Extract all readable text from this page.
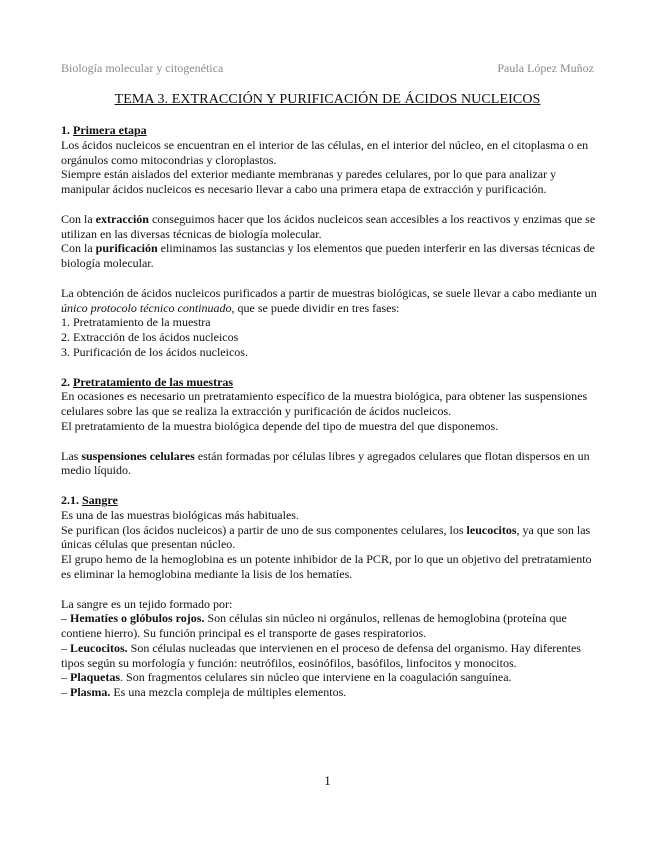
Biología molecular y citogenética	Paula López Muñoz
TEMA 3. EXTRACCIÓN Y PURIFICACIÓN DE ÁCIDOS NUCLEICOS

1. Primera etapa

Los ácidos nucleicos se encuentran en el interior de las células, en el interior del núcleo, en el citoplasma o en orgánulos como mitocondrias y cloroplastos.

Siempre están aislados del exterior mediante membranas y paredes celulares, por lo que para analizar y manipular ácidos nucleicos es necesario llevar a cabo una primera etapa de extracción y purificación.

Con la extracción conseguimos hacer que los ácidos nucleicos sean accesibles a los reactivos y enzimas que se utilizan en las diversas técnicas de biología molecular.

Con la purificación eliminamos las sustancias y los elementos que pueden interferir en las diversas técnicas de biología molecular.

La obtención de ácidos nucleicos purificados a partir de muestras biológicas, se suele llevar a cabo mediante un único protocolo técnico continuado, que se puede dividir en tres fases:

1. Pretratamiento de la muestra

2. Extracción de los ácidos nucleicos

3. Purificación de los ácidos nucleicos.

2. Pretratamiento de las muestras

En ocasiones es necesario un pretratamiento específico de la muestra biológica, para obtener las suspensiones celulares sobre las que se realiza la extracción y purificación de ácidos nucleicos.

El pretratamiento de la muestra biológica depende del tipo de muestra del que disponemos.

Las suspensiones celulares están formadas por células libres y agregados celulares que flotan dispersos en un medio líquido.

2.1. Sangre

Es una de las muestras biológicas más habituales.

Se purifican (los ácidos nucleicos) a partir de uno de sus componentes celulares, los leucocitos, ya que son las únicas células que presentan núcleo.

El grupo hemo de la hemoglobina es un potente inhibidor de la PCR, por lo que un objetivo del pretratamiento es eliminar la hemoglobina mediante la lisis de los hematíes.

La sangre es un tejido formado por:

– Hematíes o glóbulos rojos. Son células sin núcleo ni orgánulos, rellenas de hemoglobina (proteína que contiene hierro). Su función principal es el transporte de gases respiratorios.

– Leucocitos. Son células nucleadas que intervienen en el proceso de defensa del organismo. Hay diferentes tipos según su morfología y función: neutrófilos, eosinófilos, basófilos, linfocitos y monocitos.

– Plaquetas. Son fragmentos celulares sin núcleo que interviene en la coagulación sanguínea.

– Plasma. Es una mezcla compleja de múltiples elementos.

1
